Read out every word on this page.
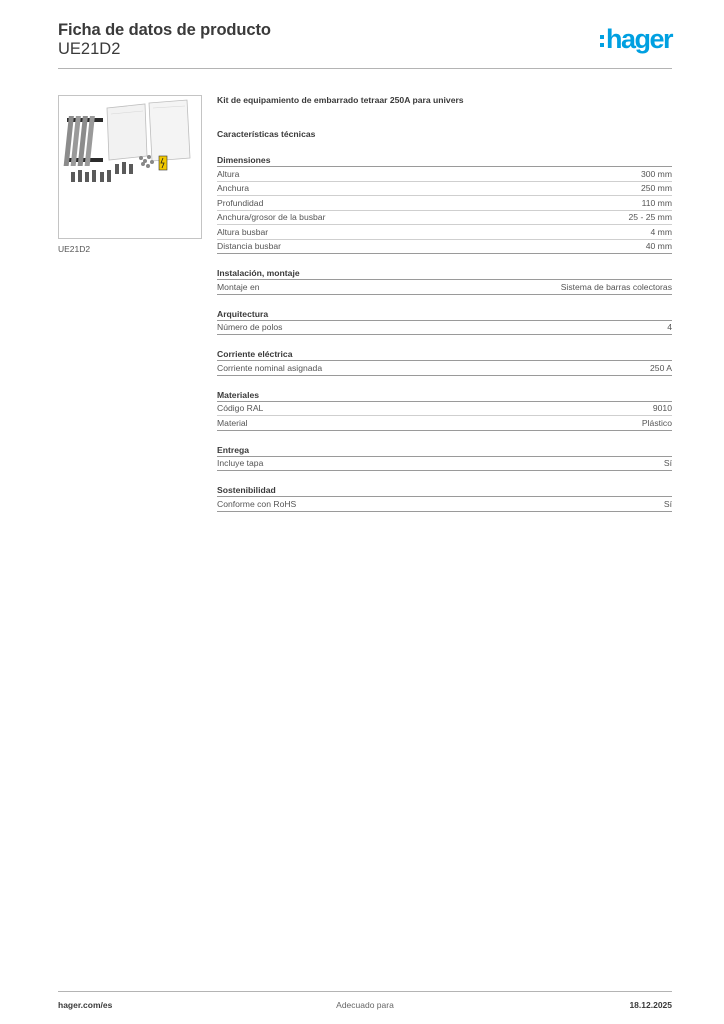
Ficha de datos de producto
UE21D2	hager
UE21D2
Kit de equipamiento de embarrado tetraar 250A para univers
Características técnicas
Dimensiones
Altura	300 mm
Anchura	250 mm
Profundidad	110 mm
Anchura/grosor de la busbar	25 - 25 mm
Altura busbar	4 mm
Distancia busbar	40 mm
Instalación, montaje
Montaje en	Sistema de barras colectoras
Arquitectura
Número de polos	4
Corriente eléctrica
Corriente nominal asignada	250 A
Materiales
Código RAL	9010
Material	Plástico
Entrega
Incluye tapa	Sí
Sostenibilidad
Conforme con RoHS	Sí
hager.com/es	Adecuado para	18.12.2025
